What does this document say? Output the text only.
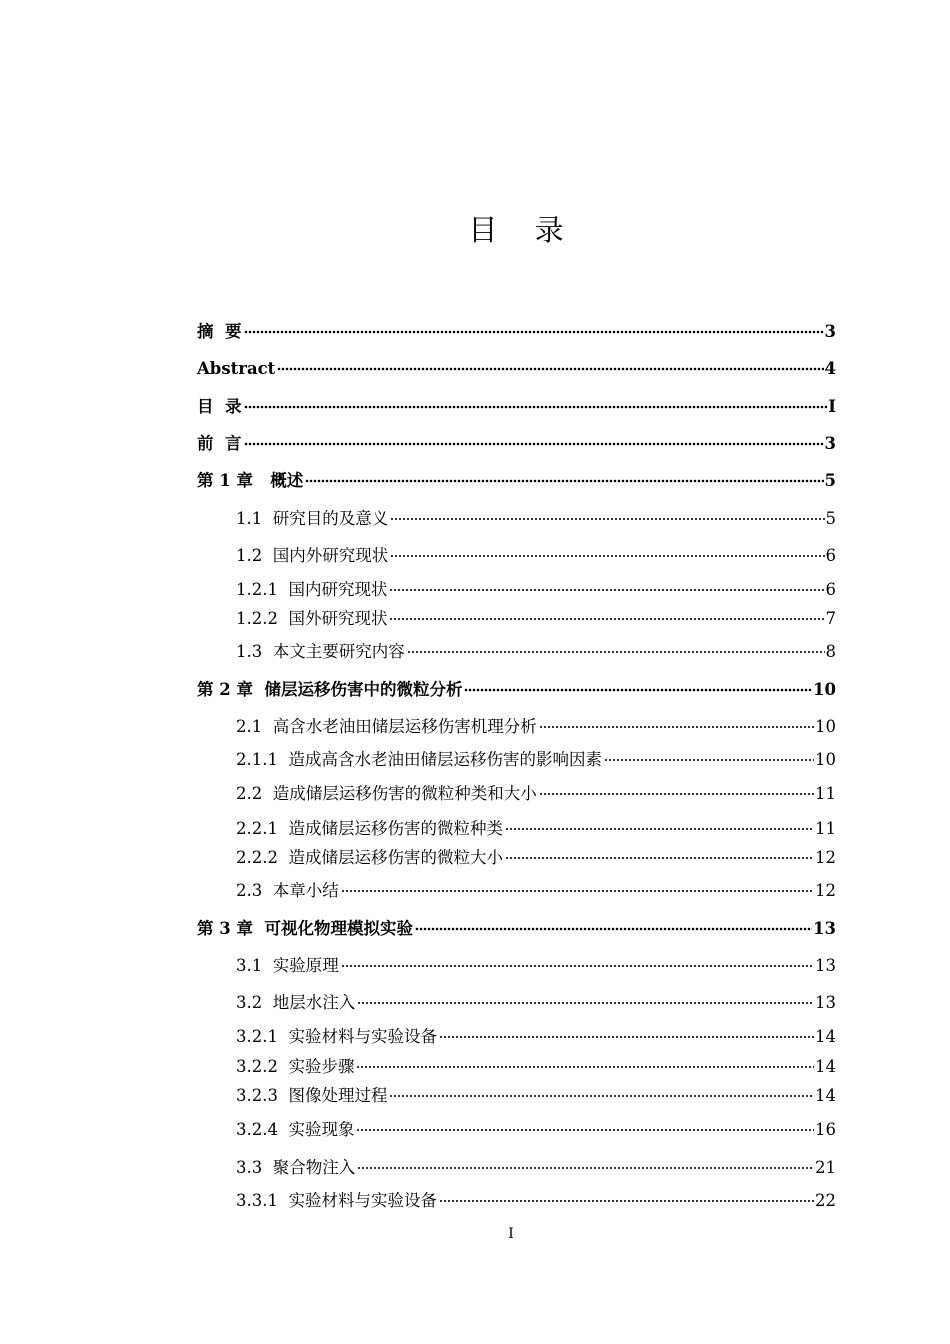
目 录
摘  要	3
Abstract	4
目  录	I
前  言	3
第 1 章   概述	5
1.1  研究目的及意义	5
1.2  国内外研究现状	6
1.2.1  国内研究现状	6
1.2.2  国外研究现状	7
1.3  本文主要研究内容	8
第 2 章  储层运移伤害中的微粒分析	10
2.1  高含水老油田储层运移伤害机理分析	10
2.1.1  造成高含水老油田储层运移伤害的影响因素	10
2.2  造成储层运移伤害的微粒种类和大小	11
2.2.1  造成储层运移伤害的微粒种类	11
2.2.2  造成储层运移伤害的微粒大小	12
2.3  本章小结	12
第 3 章  可视化物理模拟实验	13
3.1  实验原理	13
3.2  地层水注入	13
3.2.1  实验材料与实验设备	14
3.2.2  实验步骤	14
3.2.3  图像处理过程	14
3.2.4  实验现象	16
3.3  聚合物注入	21
3.3.1  实验材料与实验设备	22
I
